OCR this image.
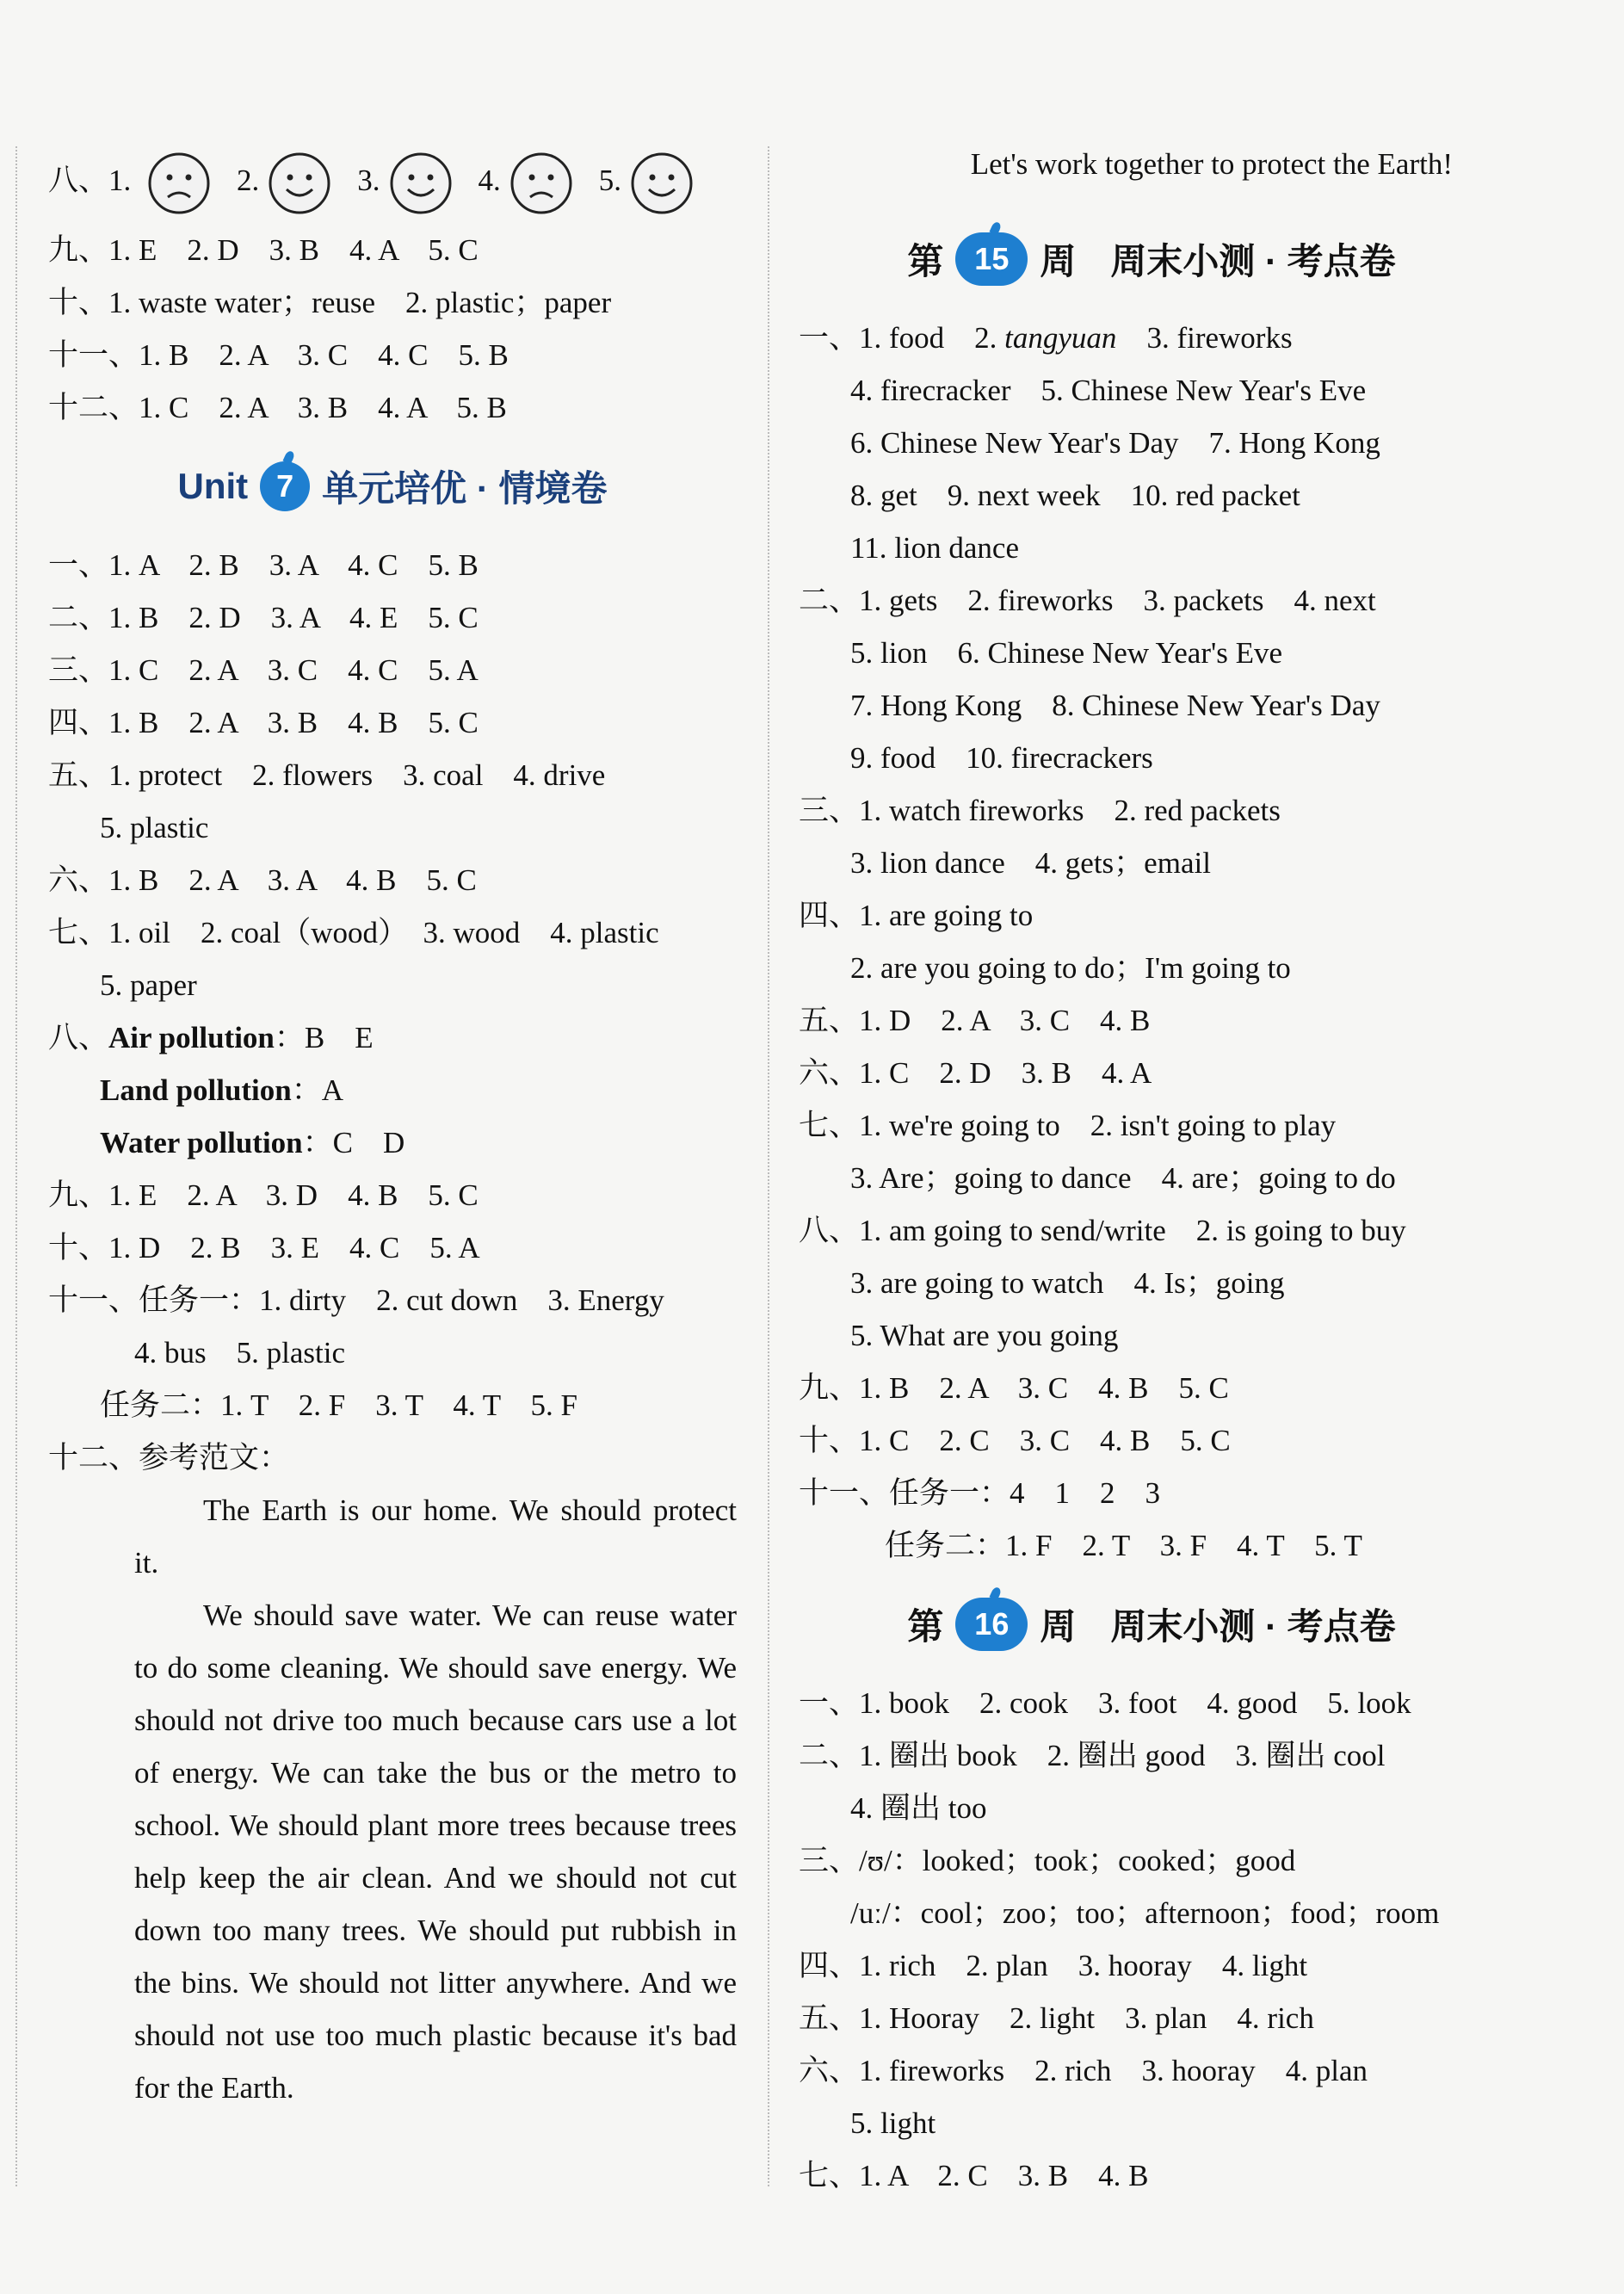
八、1.	2.	3.	4.	5.
九、1. E　2. D　3. B　4. A　5. C
十、1. waste water；reuse　2. plastic；paper
十一、1. B　2. A　3. C　4. C　5. B
十二、1. C　2. A　3. B　4. A　5. B
Unit 7 单元培优 · 情境卷
一、1. A　2. B　3. A　4. C　5. B
二、1. B　2. D　3. A　4. E　5. C
三、1. C　2. A　3. C　4. C　5. A
四、1. B　2. A　3. B　4. B　5. C
五、1. protect　2. flowers　3. coal　4. drive
5. plastic
六、1. B　2. A　3. A　4. B　5. C
七、1. oil　2. coal（wood）　3. wood　4. plastic
5. paper
八、Air pollution：B　E
Land pollution：A
Water pollution：C　D
九、1. E　2. A　3. D　4. B　5. C
十、1. D　2. B　3. E　4. C　5. A
十一、任务一：1. dirty　2. cut down　3. Energy
4. bus　5. plastic
任务二：1. T　2. F　3. T　4. T　5. F
十二、参考范文：
The Earth is our home. We should protect it.
We should save water. We can reuse water to do some cleaning. We should save energy. We should not drive too much because cars use a lot of energy. We can take the bus or the metro to school. We should plant more trees because trees help keep the air clean. And we should not cut down too many trees. We should put rubbish in the bins. We should not litter anywhere. And we should not use too much plastic because it's bad for the Earth.
Let's work together to protect the Earth!
第 15 周 周末小测 · 考点卷
一、1. food　2. tangyuan　3. fireworks
4. firecracker　5. Chinese New Year's Eve
6. Chinese New Year's Day　7. Hong Kong
8. get　9. next week　10. red packet
11. lion dance
二、1. gets　2. fireworks　3. packets　4. next
5. lion　6. Chinese New Year's Eve
7. Hong Kong　8. Chinese New Year's Day
9. food　10. firecrackers
三、1. watch fireworks　2. red packets
3. lion dance　4. gets；email
四、1. are going to
2. are you going to do；I'm going to
五、1. D　2. A　3. C　4. B
六、1. C　2. D　3. B　4. A
七、1. we're going to　2. isn't going to play
3. Are；going to dance　4. are；going to do
八、1. am going to send/write　2. is going to buy
3. are going to watch　4. Is；going
5. What are you going
九、1. B　2. A　3. C　4. B　5. C
十、1. C　2. C　3. C　4. B　5. C
十一、任务一：4　1　2　3
任务二：1. F　2. T　3. F　4. T　5. T
第 16 周 周末小测 · 考点卷
一、1. book　2. cook　3. foot　4. good　5. look
二、1. 圈出 book　2. 圈出 good　3. 圈出 cool
4. 圈出 too
三、/ʊ/：looked；took；cooked；good
/uː/：cool；zoo；too；afternoon；food；room
四、1. rich　2. plan　3. hooray　4. light
五、1. Hooray　2. light　3. plan　4. rich
六、1. fireworks　2. rich　3. hooray　4. plan
5. light
七、1. A　2. C　3. B　4. B
